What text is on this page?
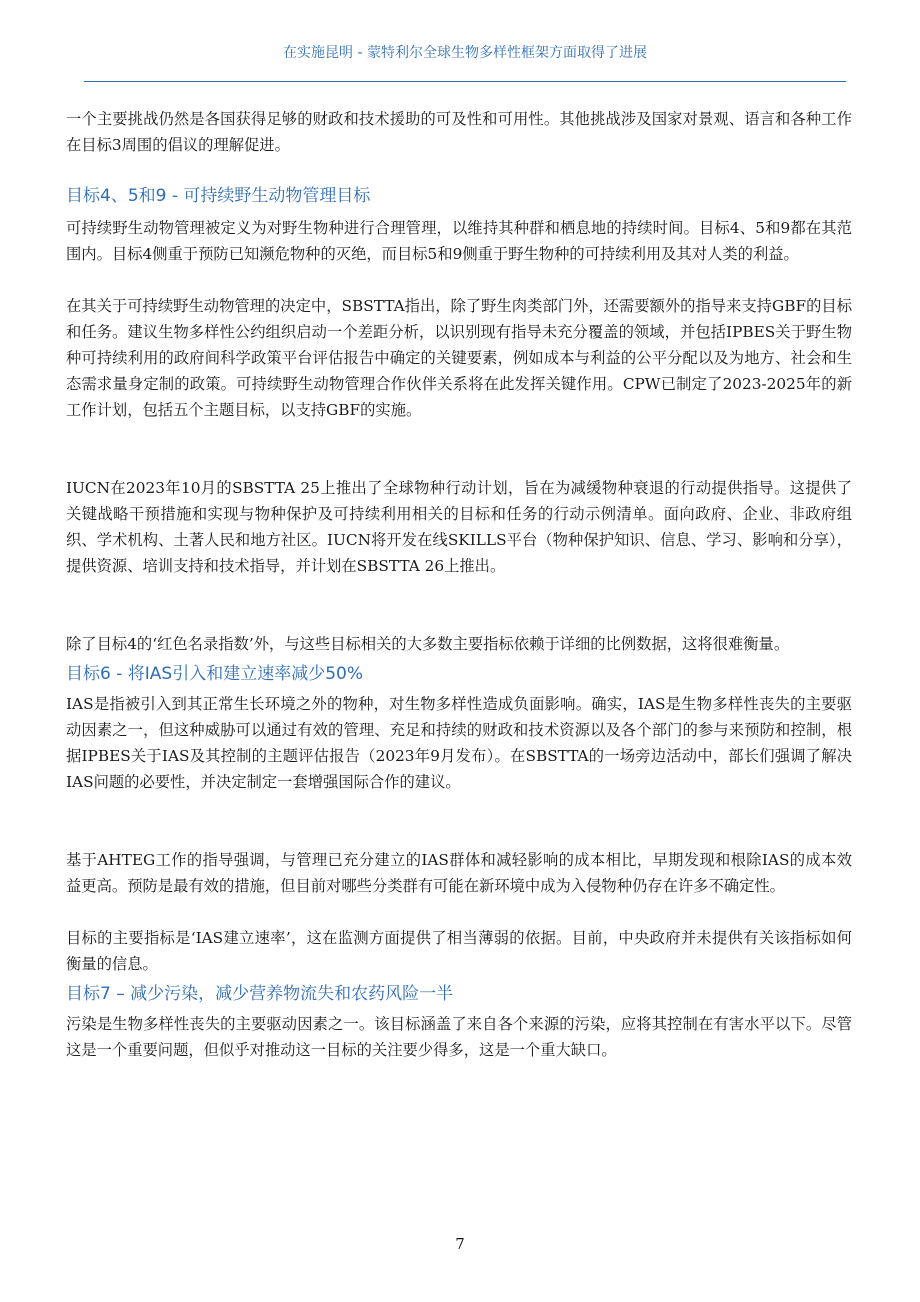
在实施昆明 - 蒙特利尔全球生物多样性框架方面取得了进展

一个主要挑战仍然是各国获得足够的财政和技术援助的可及性和可用性。其他挑战涉及国家对景观、语言和各种工作在目标3周围的倡议的理解促进。

目标4、5和9 - 可持续野生动物管理目标

可持续野生动物管理被定义为对野生物种进行合理管理，以维持其种群和栖息地的持续时间。目标4、5和9都在其范围内。目标4侧重于预防已知濒危物种的灭绝，而目标5和9侧重于野生物种的可持续利用及其对人类的利益。

在其关于可持续野生动物管理的决定中，SBSTTA指出，除了野生肉类部门外，还需要额外的指导来支持GBF的目标和任务。建议生物多样性公约组织启动一个差距分析，以识别现有指导未充分覆盖的领域，并包括IPBES关于野生物种可持续利用的政府间科学政策平台评估报告中确定的关键要素，例如成本与利益的公平分配以及为地方、社会和生态需求量身定制的政策。可持续野生动物管理合作伙伴关系将在此发挥关键作用。CPW已制定了2023-2025年的新工作计划，包括五个主题目标，以支持GBF的实施。

IUCN在2023年10月的SBSTTA 25上推出了全球物种行动计划，旨在为减缓物种衰退的行动提供指导。这提供了关键战略干预措施和实现与物种保护及可持续利用相关的目标和任务的行动示例清单。面向政府、企业、非政府组织、学术机构、土著人民和地方社区。IUCN将开发在线SKILLS平台（物种保护知识、信息、学习、影响和分享），提供资源、培训支持和技术指导，并计划在SBSTTA 26上推出。

除了目标4的‘红色名录指数’外，与这些目标相关的大多数主要指标依赖于详细的比例数据，这将很难衡量。

目标6 - 将IAS引入和建立速率减少50%

IAS是指被引入到其正常生长环境之外的物种，对生物多样性造成负面影响。确实，IAS是生物多样性丧失的主要驱动因素之一，但这种威胁可以通过有效的管理、充足和持续的财政和技术资源以及各个部门的参与来预防和控制，根据IPBES关于IAS及其控制的主题评估报告（2023年9月发布）。在SBSTTA的一场旁边活动中，部长们强调了解决IAS问题的必要性，并决定制定一套增强国际合作的建议。

基于AHTEG工作的指导强调，与管理已充分建立的IAS群体和减轻影响的成本相比，早期发现和根除IAS的成本效益更高。预防是最有效的措施，但目前对哪些分类群有可能在新环境中成为入侵物种仍存在许多不确定性。

目标的主要指标是‘IAS建立速率’，这在监测方面提供了相当薄弱的依据。目前，中央政府并未提供有关该指标如何衡量的信息。

目标7 – 减少污染，减少营养物流失和农药风险一半

污染是生物多样性丧失的主要驱动因素之一。该目标涵盖了来自各个来源的污染，应将其控制在有害水平以下。尽管这是一个重要问题，但似乎对推动这一目标的关注要少得多，这是一个重大缺口。

7
